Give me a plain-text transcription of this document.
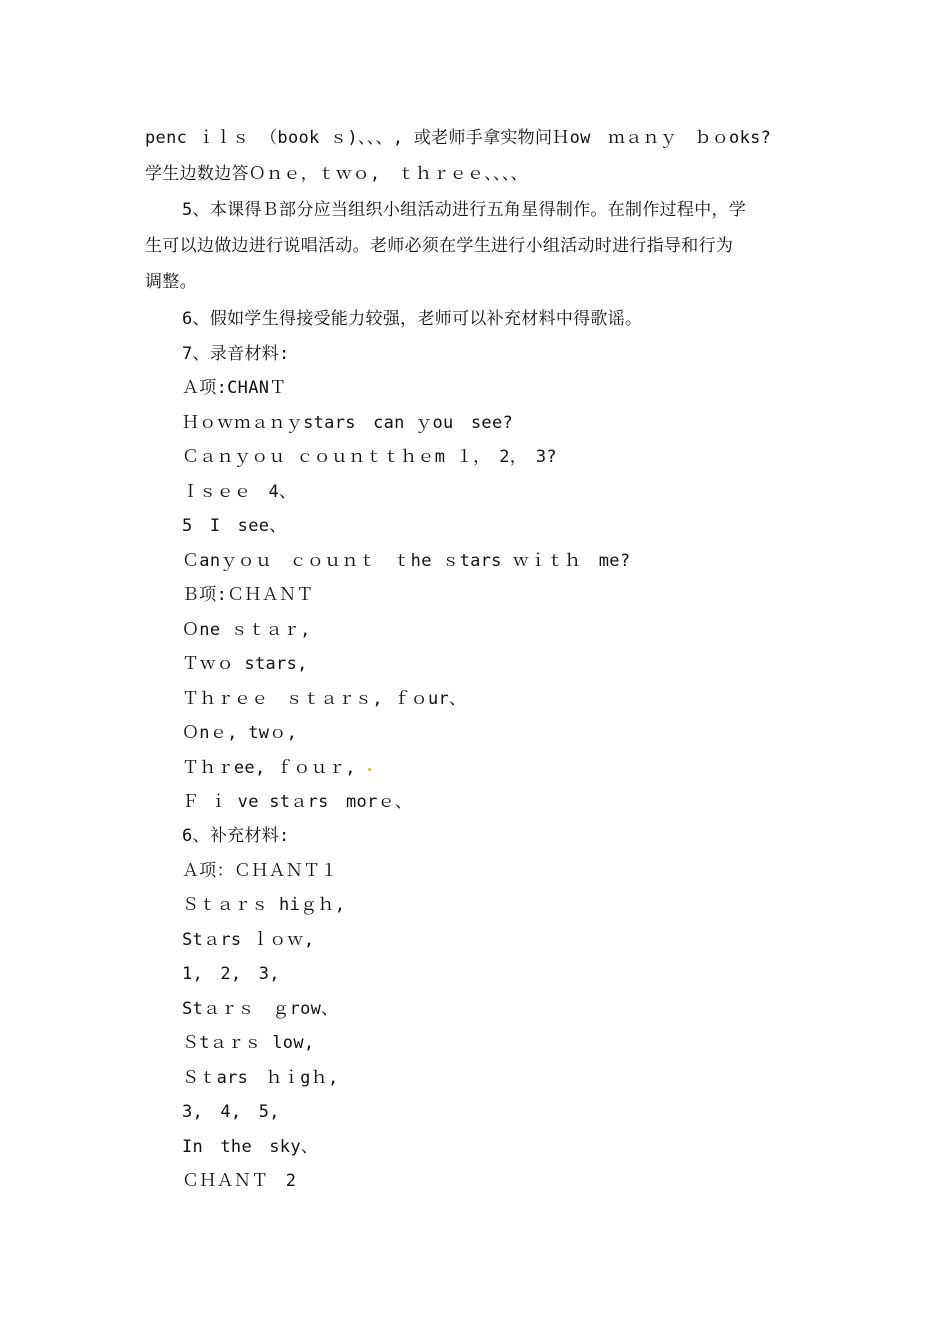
penc ｉｌｓ （book ｓ)、、、, 或老师手拿实物问Ｈow　ｍａｎｙ　ｂｏoks?
学生边数边答Ｏｎｅ，ｔｗｏ,　ｔｈｒｅｅ、、、、
5、本课得Ｂ部分应当组织小组活动进行五角星得制作。在制作过程中，学
生可以边做边进行说唱活动。老师必须在学生进行小组活动时进行指导和行为
调整。
6、假如学生得接受能力较强，老师可以补充材料中得歌谣。
7、录音材料:
Ａ项:CHANＴ
Ｈｏｗｍａｎｙstars　can ｙou　see?
Ｃａｎｙｏｕ ｃｏｕｎｔｔｈｅm １，　2，　3?
Ｉｓｅｅ　4、
5　I　see、
Ｃanｙｏｕ　ｃｏｕｎｔ　ｔhe ｓtars ｗｉｔｈ　me?
Ｂ项:ＣＨＡＮＴ
Ｏne ｓｔａｒ,
Ｔｗｏ stars,
Ｔｈｒｅｅ　ｓｔａｒｓ, ｆｏur、
Ｏnｅ, twｏ,
Ｔｈｒee, ｆｏｕｒ,
Ｆ ｉ ve stａrs　morｅ、
6、补充材料:
Ａ项：ＣＨＡＮＴ１
Ｓｔａｒｓ hiｇｈ,
Stａrs ｌｏｗ,
1,　2,　3,
Stａｒｓ　ｇrow、
Ｓtａｒｓ low,
Ｓｔars　ｈｉgｈ,
3,　4,　5,
In　the　sky、
ＣＨＡＮＴ　2
